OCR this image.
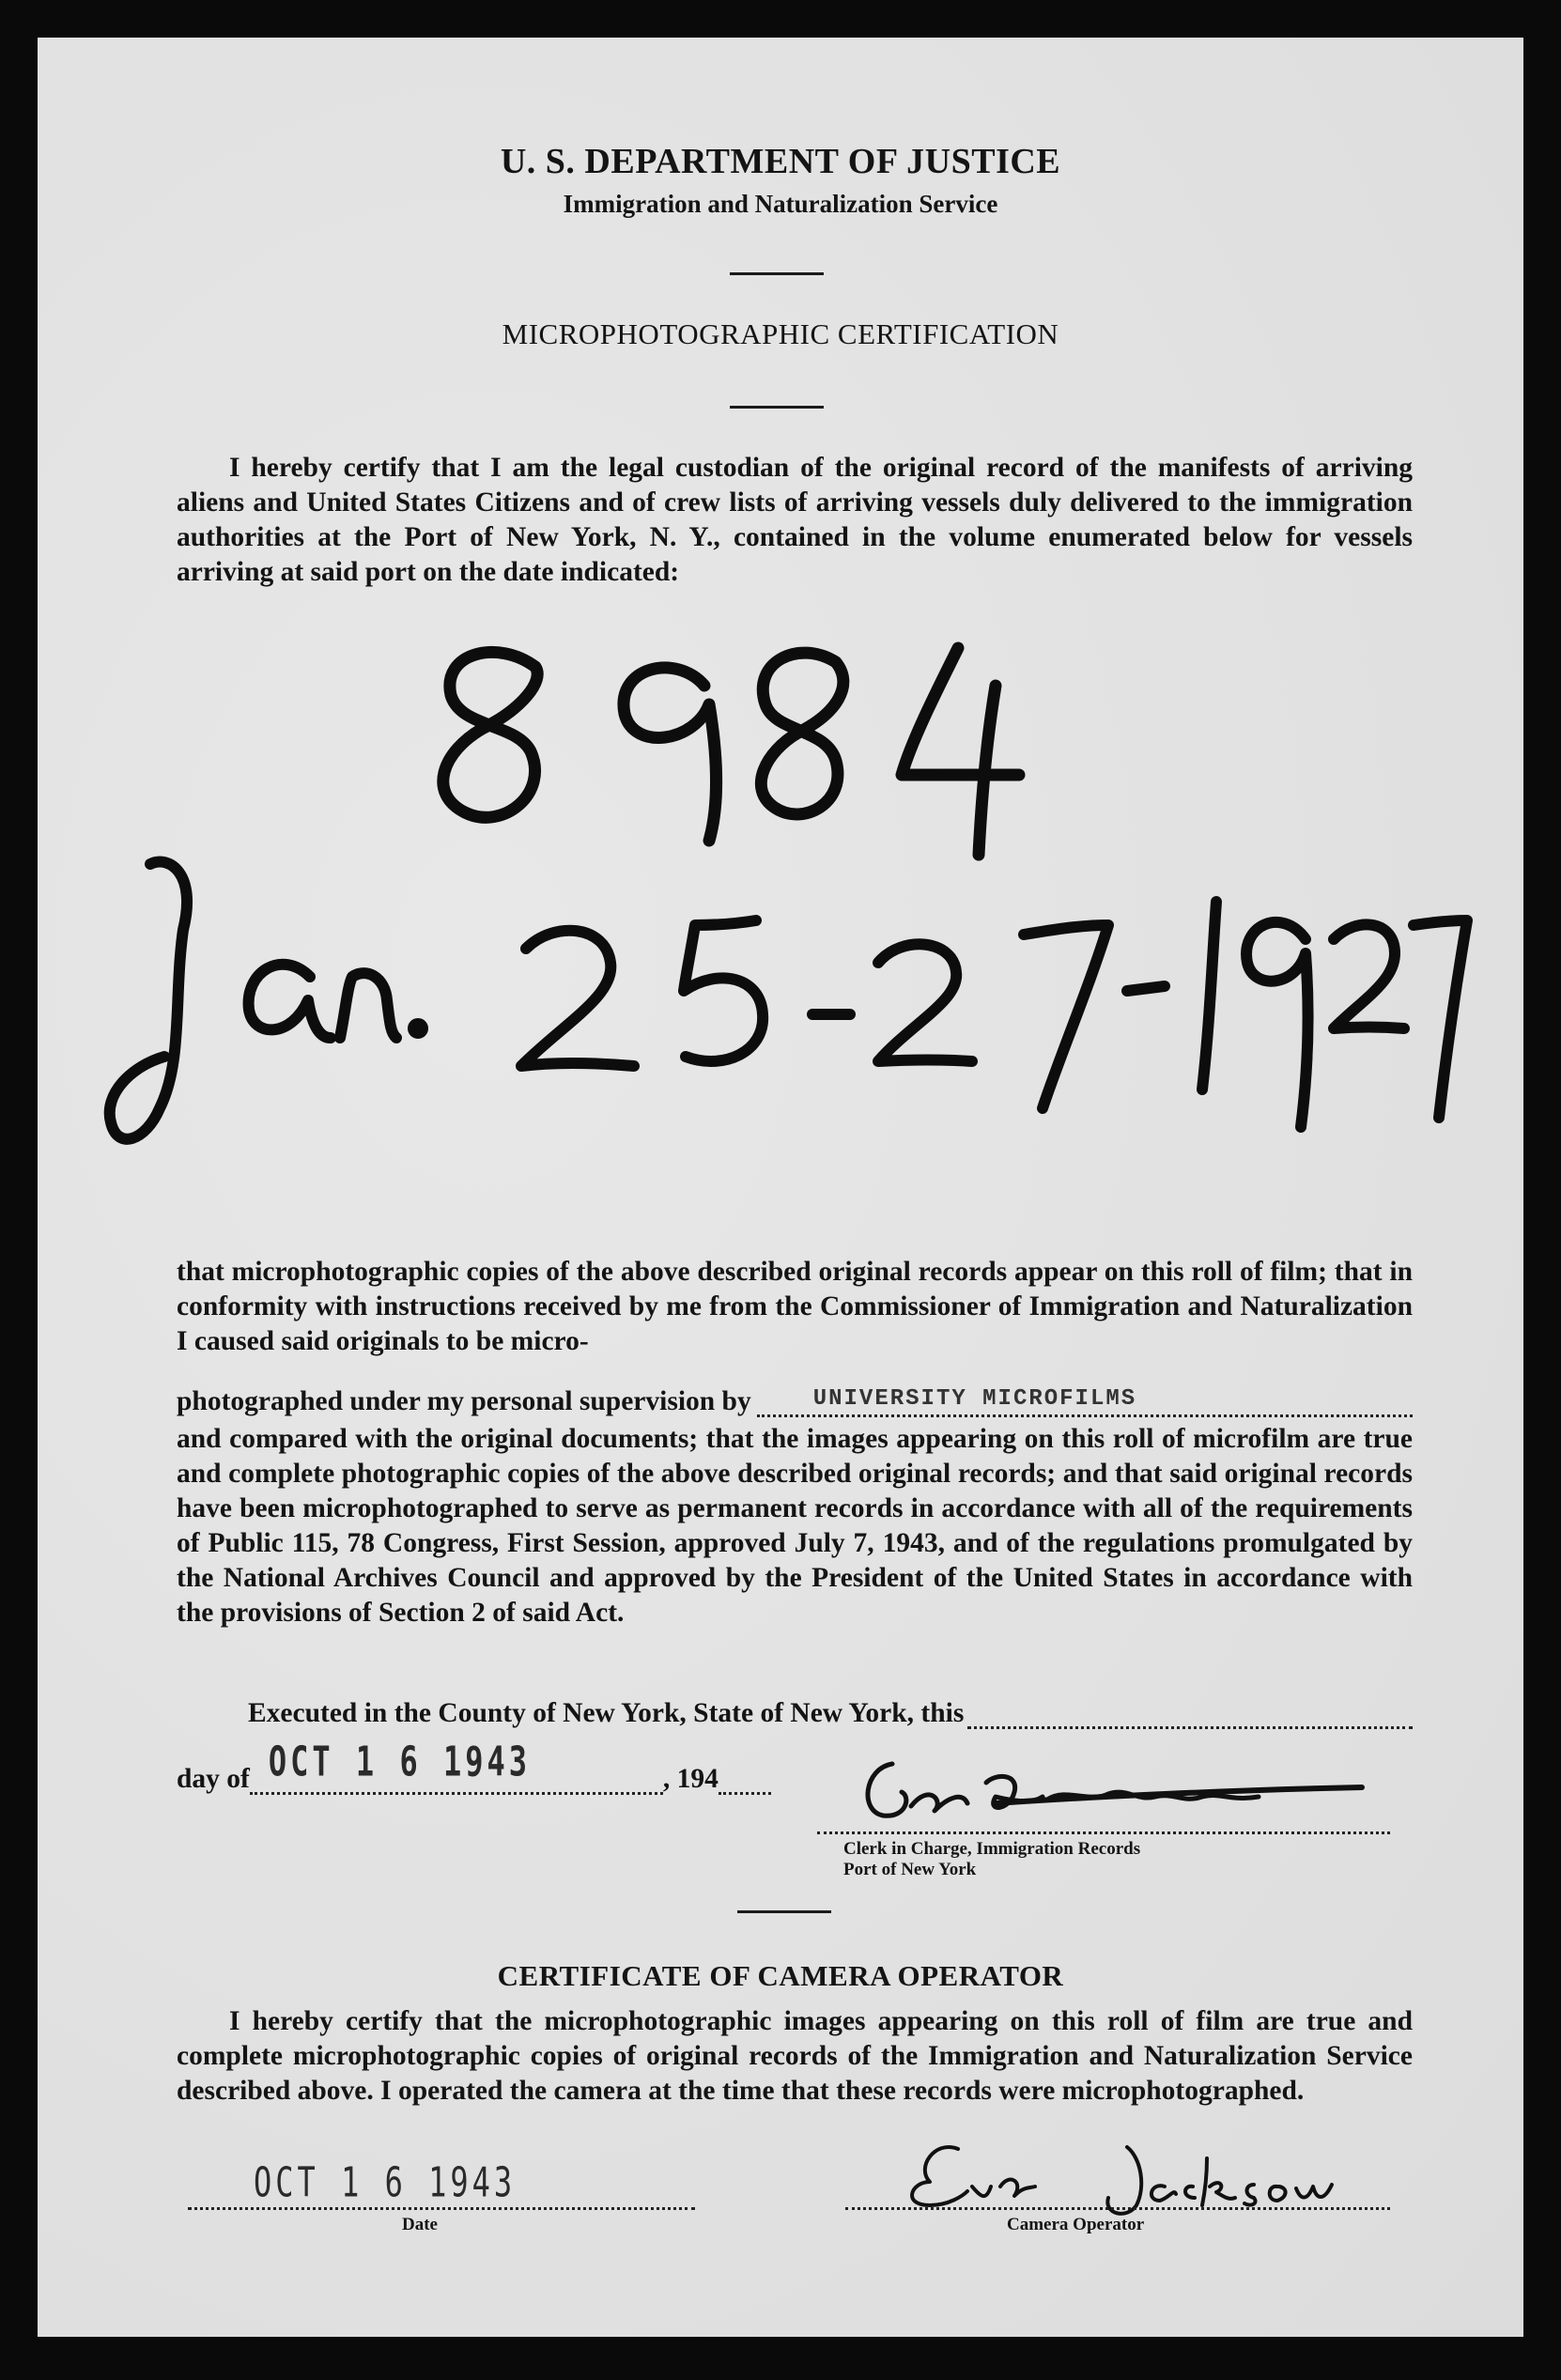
U. S. DEPARTMENT OF JUSTICE
Immigration and Naturalization Service
MICROPHOTOGRAPHIC CERTIFICATION

I hereby certify that I am the legal custodian of the original record of the manifests of arriving aliens and United States Citizens and of crew lists of arriving vessels duly delivered to the immigration authorities at the Port of New York, N. Y., contained in the volume enumerated below for vessels arriving at said port on the date indicated:

that microphotographic copies of the above described original records appear on this roll of film; that in conformity with instructions received by me from the Commissioner of Immigration and Naturalization I caused said originals to be micro-

photographed under my personal supervision by	UNIVERSITY MICROFILMS

and compared with the original documents; that the images appearing on this roll of microfilm are true and complete photographic copies of the above described original records; and that said original records have been microphotographed to serve as permanent records in accordance with all of the requirements of Public 115, 78 Congress, First Session, approved July 7, 1943, and of the regulations promulgated by the National Archives Council and approved by the President of the United States in accordance with the provisions of Section 2 of said Act.

Executed in the County of New York, State of New York, this
day of OCT 1 6 1943	, 194
Clerk in Charge, Immigration Records
Port of New York
CERTIFICATE OF CAMERA OPERATOR

I hereby certify that the microphotographic images appearing on this roll of film are true and complete microphotographic copies of original records of the Immigration and Naturalization Service described above. I operated the camera at the time that these records were microphotographed.

OCT 1 6 1943
Date	Camera Operator
